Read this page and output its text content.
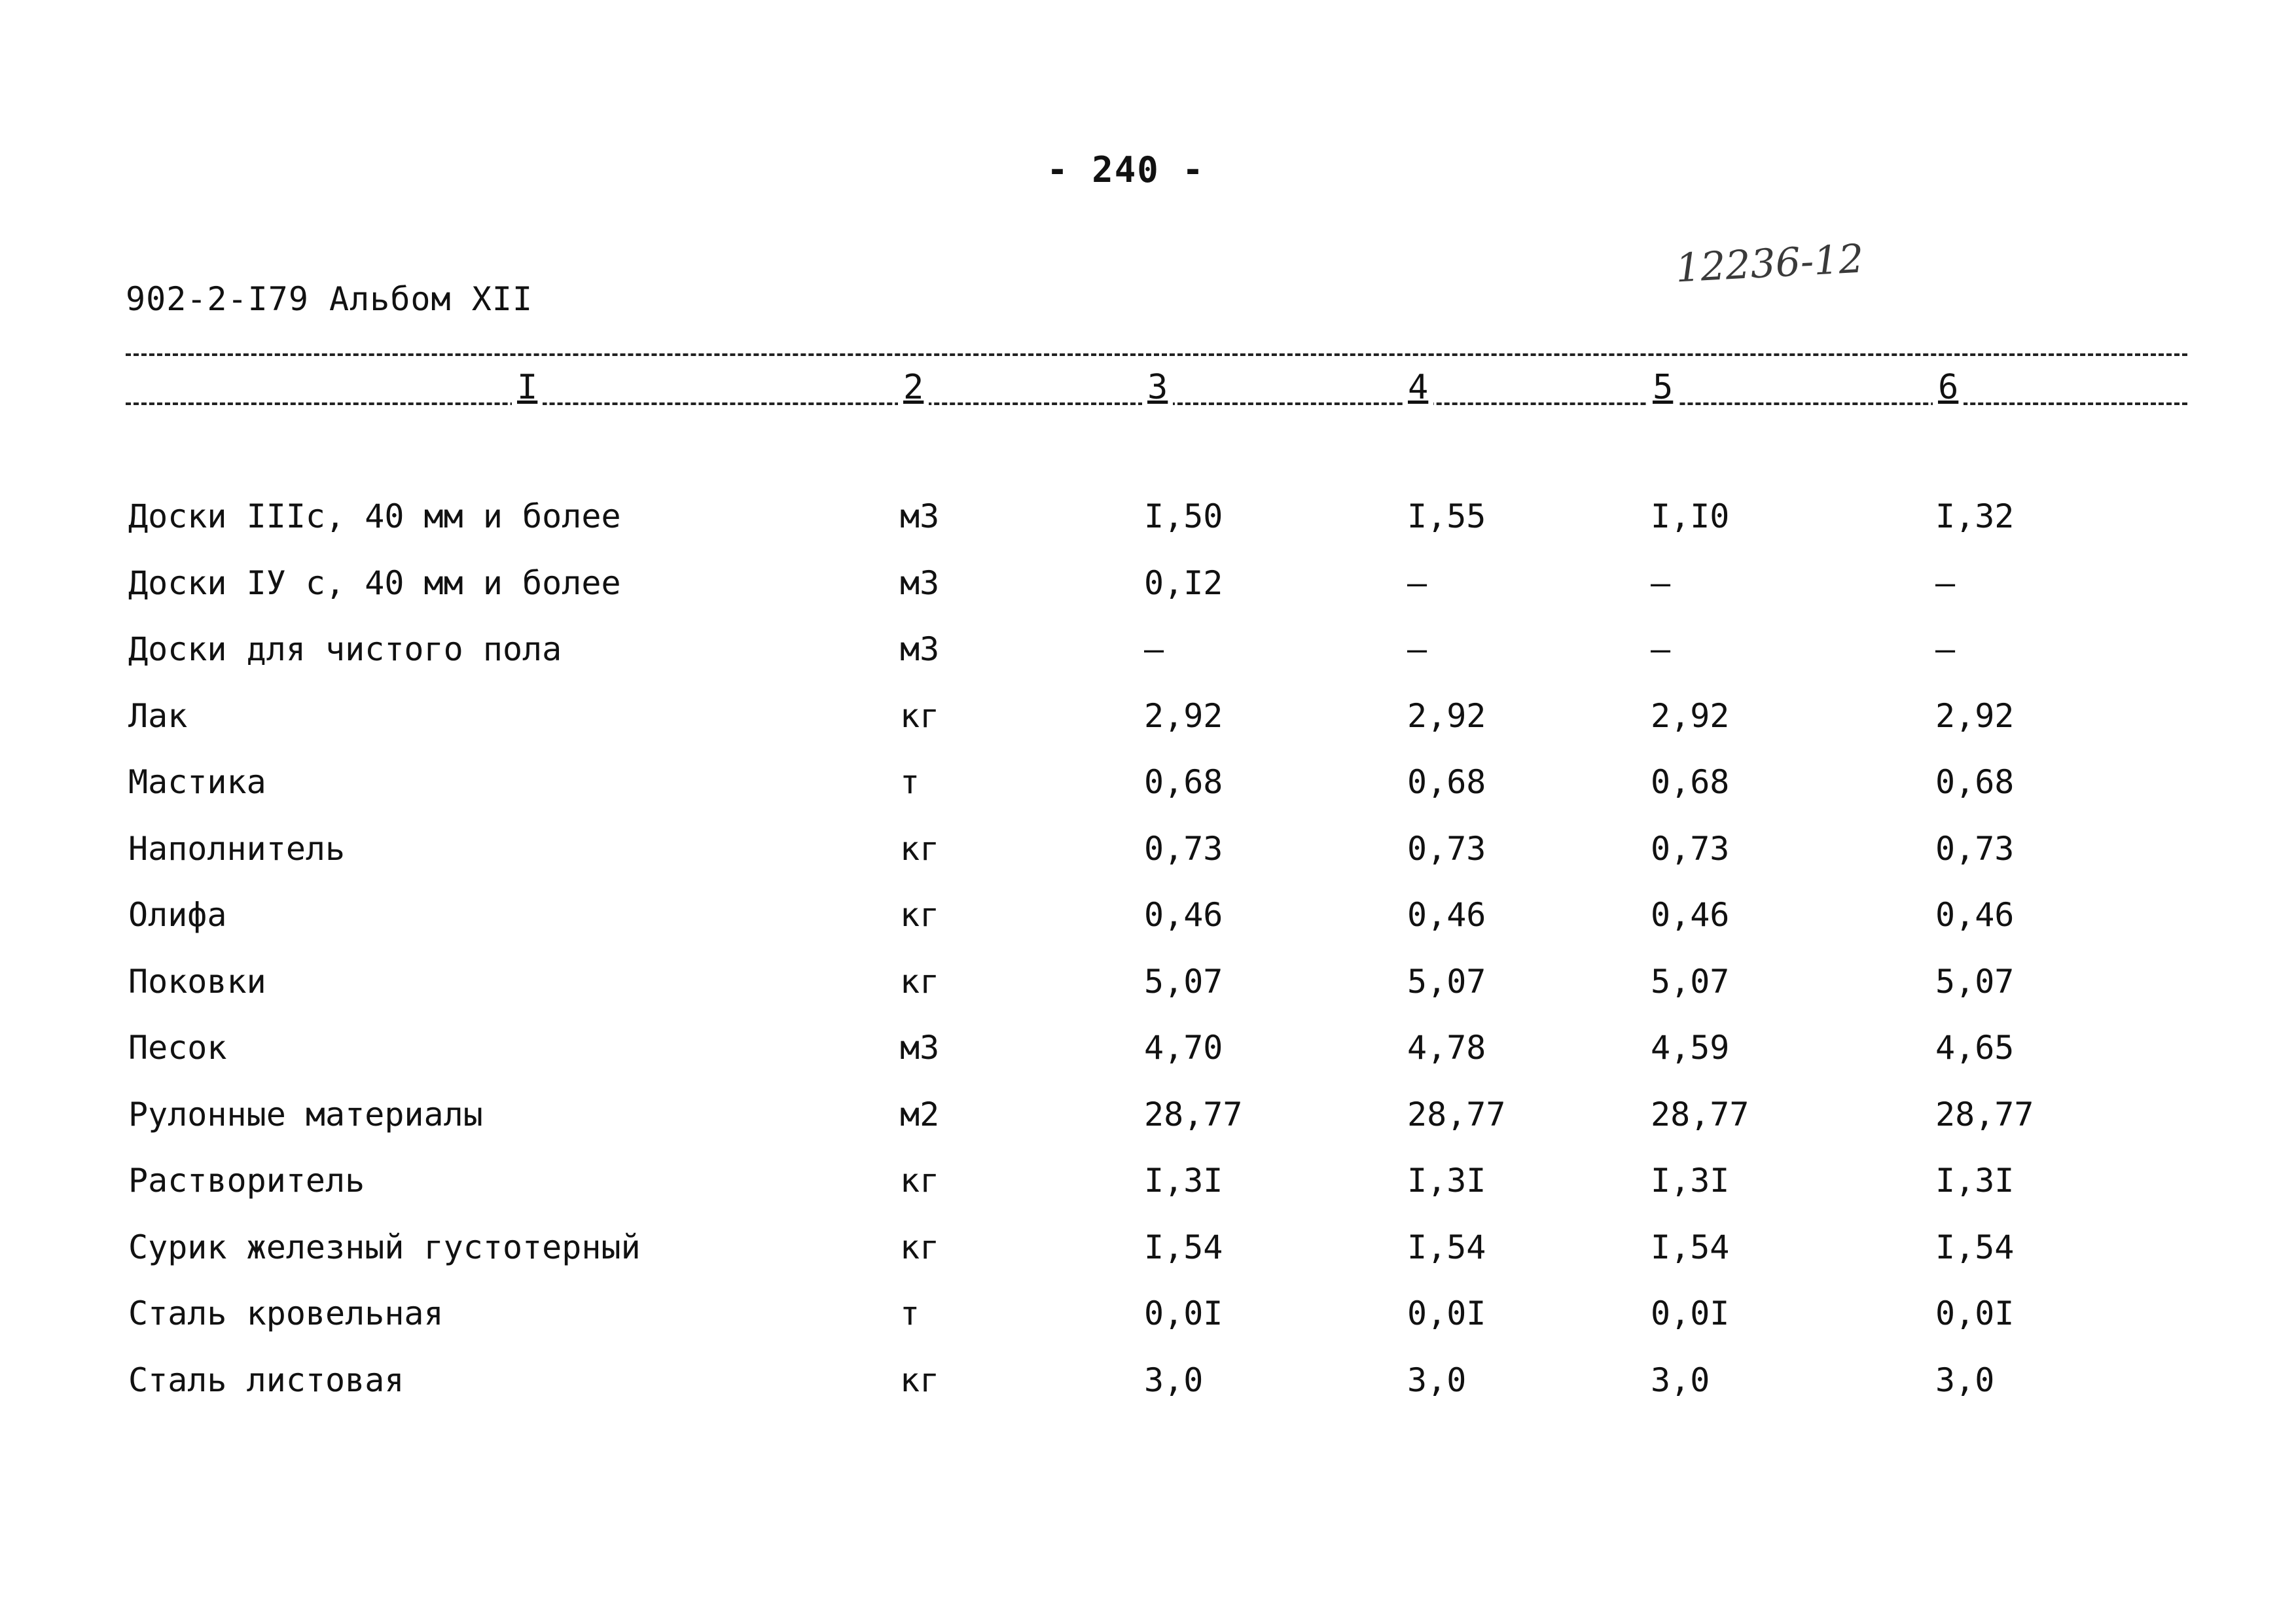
- 240 -
902-2-I79 Альбом XII
12236-12
I	2	3	4	5	6
Доски IIIс, 40 мм и более	м3	I,50	I,55	I,I0	I,32
Доски IУ с, 40 мм и более	м3	0,I2	–	–	–
Доски для чистого пола	м3	–	–	–	–
Лак	кг	2,92	2,92	2,92	2,92
Мастика	т	0,68	0,68	0,68	0,68
Наполнитель	кг	0,73	0,73	0,73	0,73
Олифа	кг	0,46	0,46	0,46	0,46
Поковки	кг	5,07	5,07	5,07	5,07
Песок	м3	4,70	4,78	4,59	4,65
Рулонные материалы	м2	28,77	28,77	28,77	28,77
Растворитель	кг	I,3I	I,3I	I,3I	I,3I
Сурик железный густотерный	кг	I,54	I,54	I,54	I,54
Сталь кровельная	т	0,0I	0,0I	0,0I	0,0I
Сталь листовая	кг	3,0	3,0	3,0	3,0
